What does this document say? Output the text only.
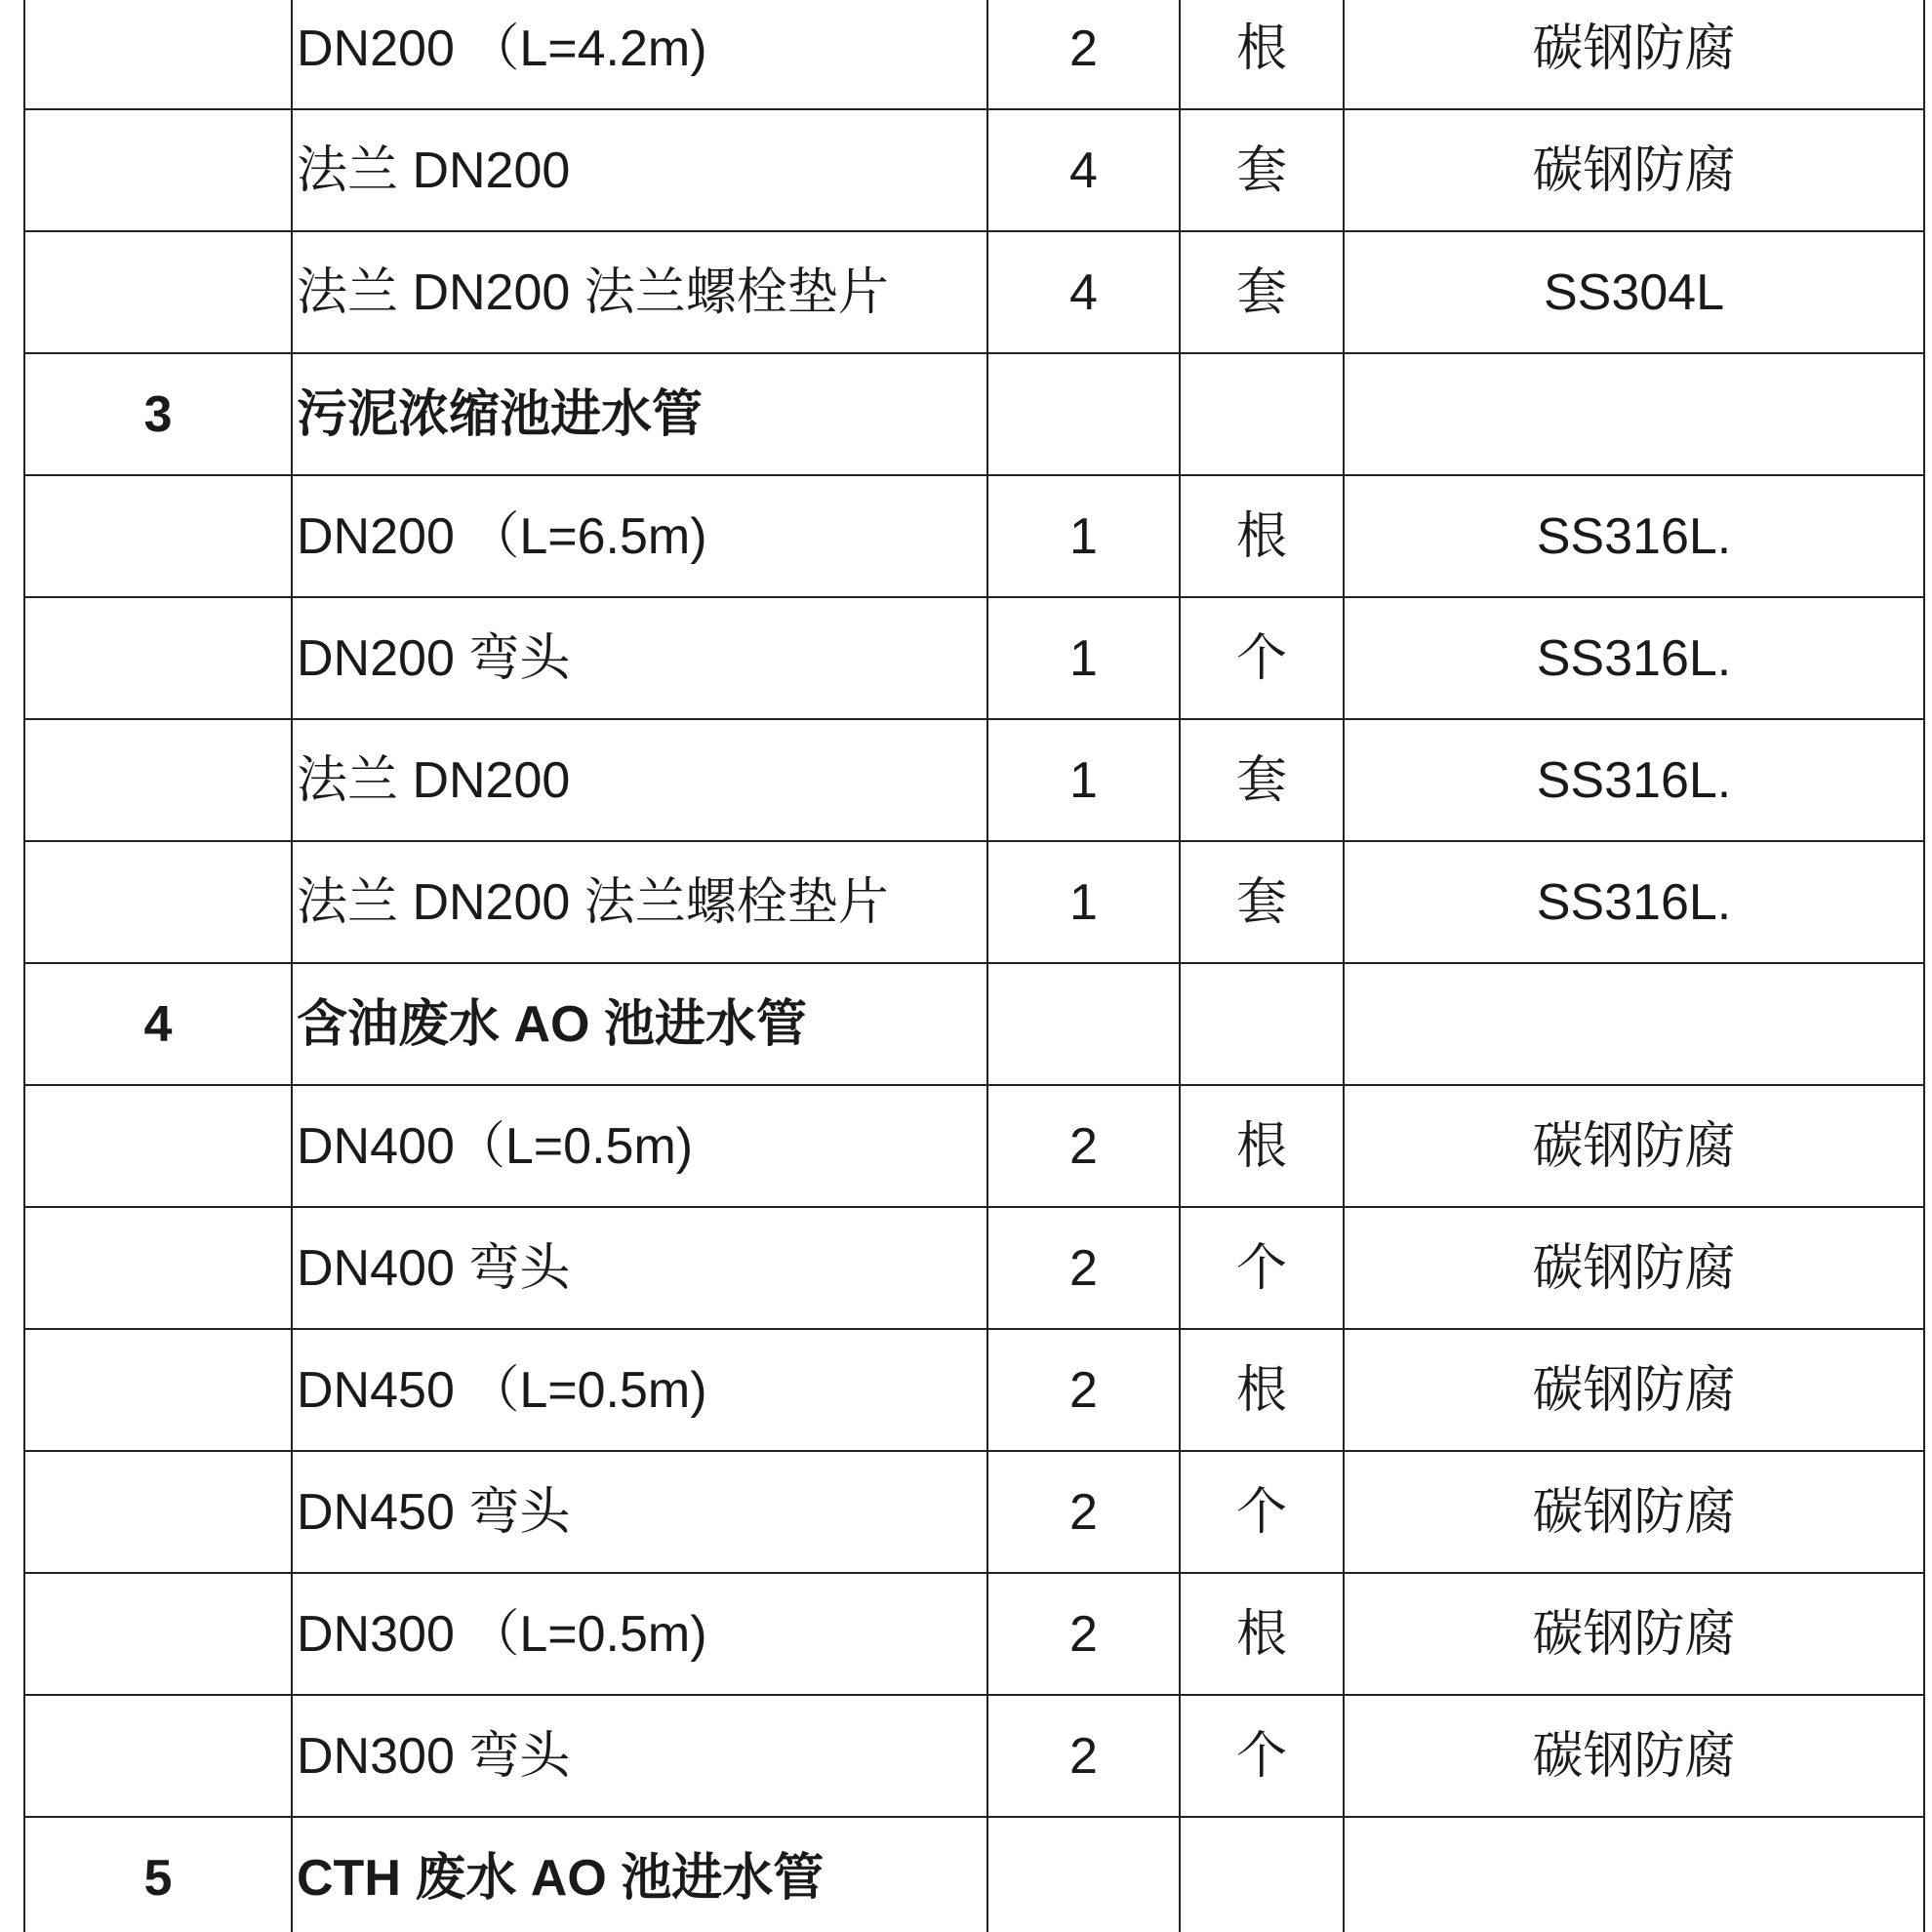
	DN200 （L=4.2m)	2	根	碳钢防腐
	法兰 DN200	4	套	碳钢防腐
	法兰 DN200 法兰螺栓垫片	4	套	SS304L
3	污泥浓缩池进水管			
	DN200 （L=6.5m)	1	根	SS316L.
	DN200 弯头	1	个	SS316L.
	法兰 DN200	1	套	SS316L.
	法兰 DN200 法兰螺栓垫片	1	套	SS316L.
4	含油废水 AO 池进水管			
	DN400（L=0.5m)	2	根	碳钢防腐
	DN400 弯头	2	个	碳钢防腐
	DN450 （L=0.5m)	2	根	碳钢防腐
	DN450 弯头	2	个	碳钢防腐
	DN300 （L=0.5m)	2	根	碳钢防腐
	DN300 弯头	2	个	碳钢防腐
5	CTH 废水 AO 池进水管			
